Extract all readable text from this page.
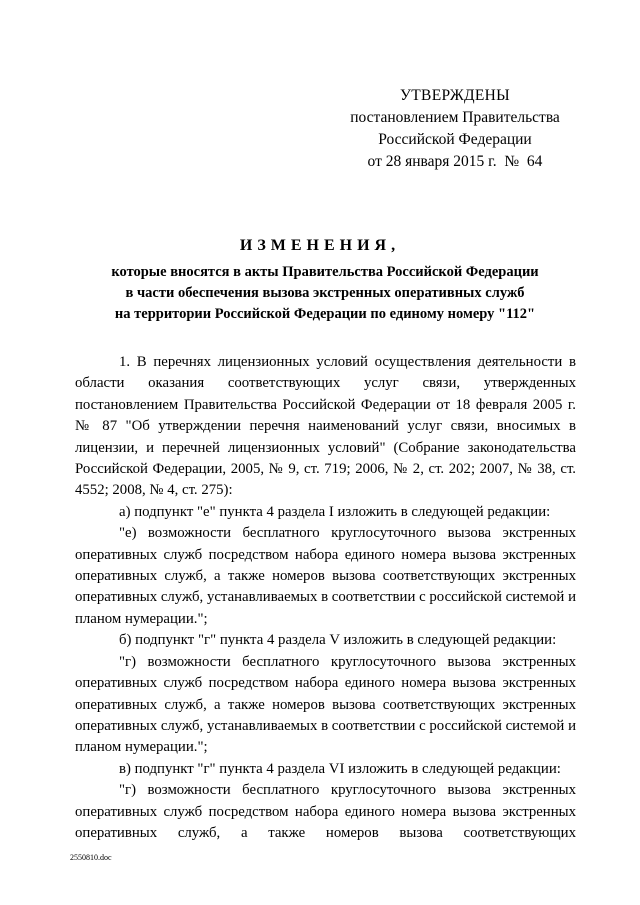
УТВЕРЖДЕНЫ
постановлением Правительства
Российской Федерации
от 28 января 2015 г.  №  64
ИЗМЕНЕНИЯ,
которые вносятся в акты Правительства Российской Федерации
в части обеспечения вызова экстренных оперативных служб
на территории Российской Федерации по единому номеру "112"

1. В перечнях лицензионных условий осуществления деятельности в области оказания соответствующих услуг связи, утвержденных постановлением Правительства Российской Федерации от 18 февраля 2005 г. № 87 "Об утверждении перечня наименований услуг связи, вносимых в лицензии, и перечней лицензионных условий" (Собрание законодательства Российской Федерации, 2005, № 9, ст. 719; 2006, № 2, ст. 202; 2007, № 38, ст. 4552; 2008, № 4, ст. 275):

а) подпункт "е" пункта 4 раздела I изложить в следующей редакции:

"е) возможности бесплатного круглосуточного вызова экстренных оперативных служб посредством набора единого номера вызова экстренных оперативных служб, а также номеров вызова соответствующих экстренных оперативных служб, устанавливаемых в соответствии с российской системой и планом нумерации.";

б) подпункт "г" пункта 4 раздела V изложить в следующей редакции:

"г) возможности бесплатного круглосуточного вызова экстренных оперативных служб посредством набора единого номера вызова экстренных оперативных служб, а также номеров вызова соответствующих экстренных оперативных служб, устанавливаемых в соответствии с российской системой и планом нумерации.";

в) подпункт "г" пункта 4 раздела VI изложить в следующей редакции:

"г) возможности бесплатного круглосуточного вызова экстренных оперативных служб посредством набора единого номера вызова экстренных оперативных служб, а также номеров вызова соответствующих

2550810.doc
